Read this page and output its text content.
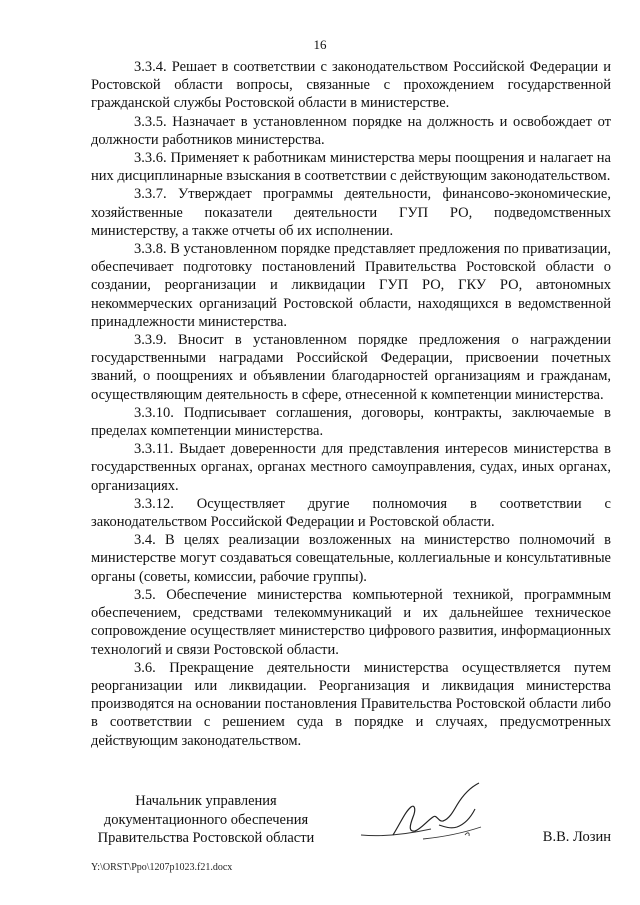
16

3.3.4. Решает в соответствии с законодательством Российской Федерации и Ростовской области вопросы, связанные с прохождением государственной гражданской службы Ростовской области в министерстве.

3.3.5. Назначает в установленном порядке на должность и освобождает от должности работников министерства.

3.3.6. Применяет к работникам министерства меры поощрения и налагает на них дисциплинарные взыскания в соответствии с действующим законодательством.

3.3.7. Утверждает программы деятельности, финансово-экономические, хозяйственные показатели деятельности ГУП РО, подведомственных министерству, а также отчеты об их исполнении.

3.3.8. В установленном порядке представляет предложения по приватизации, обеспечивает подготовку постановлений Правительства Ростовской области о создании, реорганизации и ликвидации ГУП РО, ГКУ РО, автономных некоммерческих организаций Ростовской области, находящихся в ведомственной принадлежности министерства.

3.3.9. Вносит в установленном порядке предложения о награждении государственными наградами Российской Федерации, присвоении почетных званий, о поощрениях и объявлении благодарностей организациям и гражданам, осуществляющим деятельность в сфере, отнесенной к компетенции министерства.

3.3.10. Подписывает соглашения, договоры, контракты, заключаемые в пределах компетенции министерства.

3.3.11. Выдает доверенности для представления интересов министерства в государственных органах, органах местного самоуправления, судах, иных органах, организациях.

3.3.12. Осуществляет другие полномочия в соответствии с законодательством Российской Федерации и Ростовской области.

3.4. В целях реализации возложенных на министерство полномочий в министерстве могут создаваться совещательные, коллегиальные и консультативные органы (советы, комиссии, рабочие группы).

3.5. Обеспечение министерства компьютерной техникой, программным обеспечением, средствами телекоммуникаций и их дальнейшее техническое сопровождение осуществляет министерство цифрового развития, информационных технологий и связи Ростовской области.

3.6. Прекращение деятельности министерства осуществляется путем реорганизации или ликвидации. Реорганизация и ликвидация министерства производятся на основании постановления Правительства Ростовской области либо в соответствии с решением суда в порядке и случаях, предусмотренных действующим законодательством.

Начальник управления
документационного обеспечения
Правительства Ростовской области	В.В. Лозин
Y:\ORST\Ppo\1207p1023.f21.docx
